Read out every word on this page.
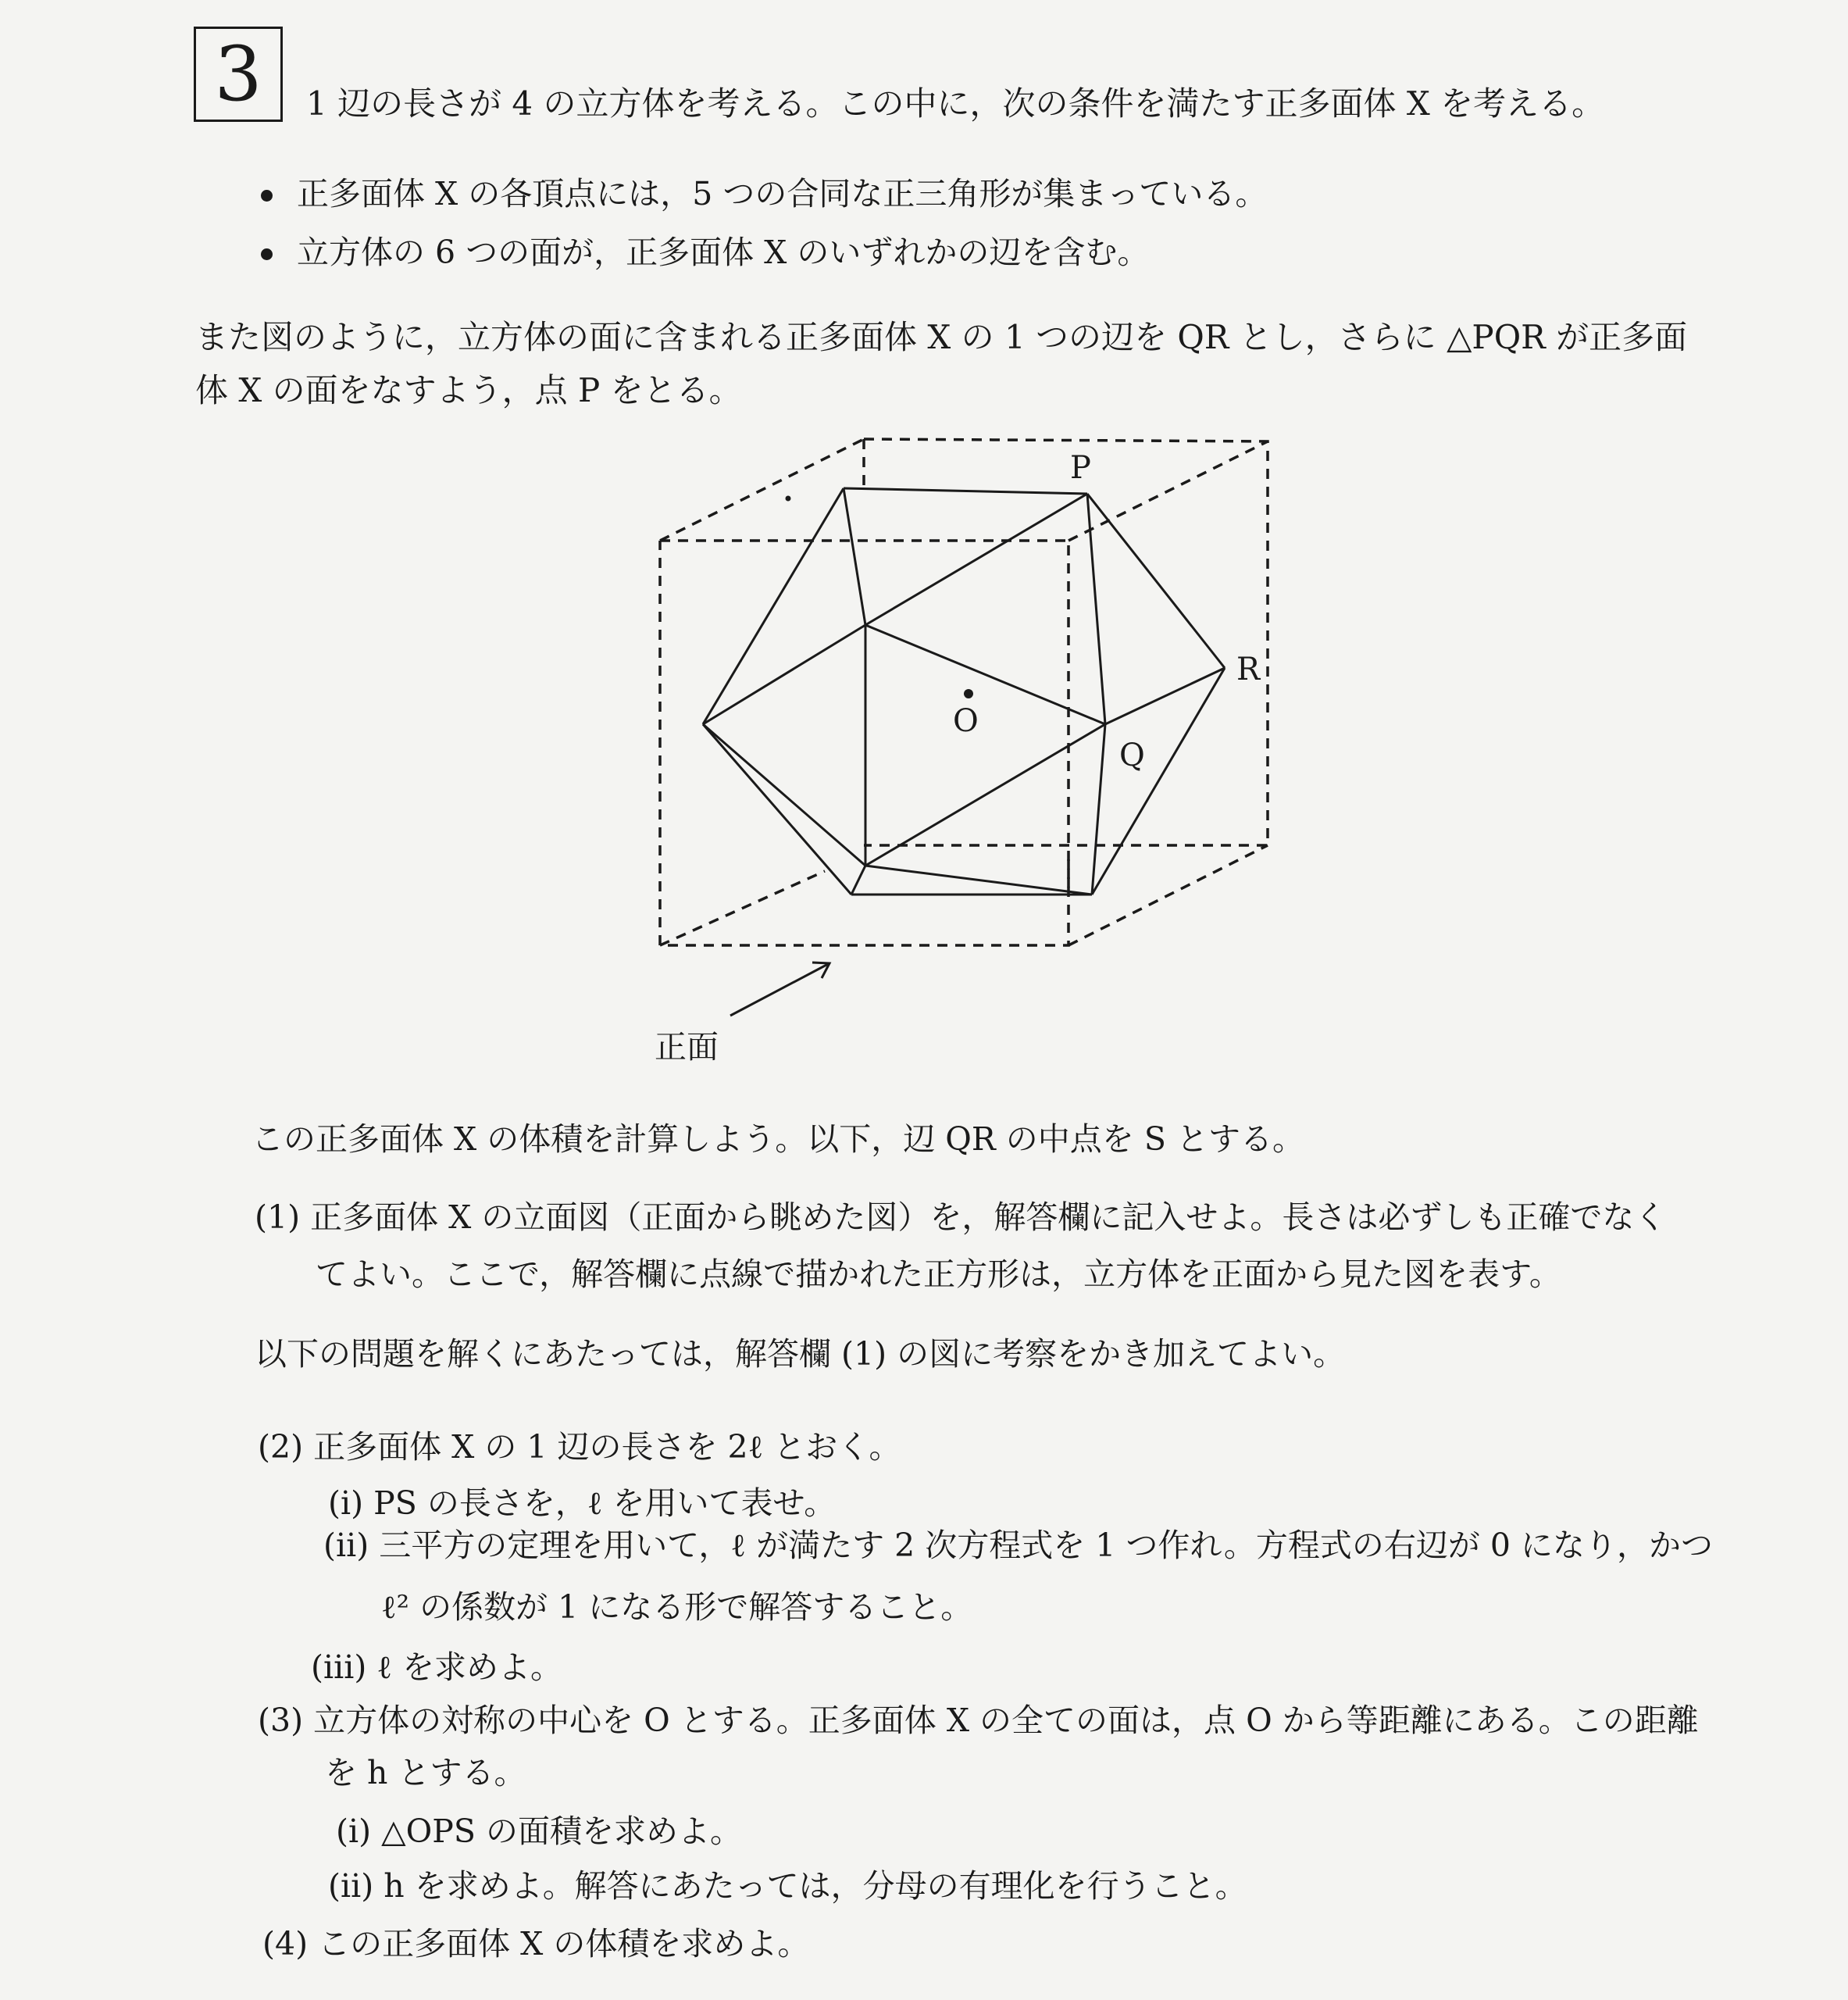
3 1 辺の長さが 4 の立方体を考える。この中に，次の条件を満たす正多面体 X を考える。
正多面体 X の各頂点には，5 つの合同な正三角形が集まっている。
立方体の 6 つの面が，正多面体 X のいずれかの辺を含む。
また図のように，立方体の面に含まれる正多面体 X の 1 つの辺を QR とし，さらに △PQR が正多面
体 X の面をなすよう，点 P をとる。
P
R
Q
O
正面
この正多面体 X の体積を計算しよう。以下，辺 QR の中点を S とする。
(1) 正多面体 X の立面図（正面から眺めた図）を，解答欄に記入せよ。長さは必ずしも正確でなく
てよい。ここで，解答欄に点線で描かれた正方形は，立方体を正面から見た図を表す。
以下の問題を解くにあたっては，解答欄 (1) の図に考察をかき加えてよい。
(2) 正多面体 X の 1 辺の長さを 2ℓ とおく。
(i) PS の長さを，ℓ を用いて表せ。
(ii) 三平方の定理を用いて，ℓ が満たす 2 次方程式を 1 つ作れ。方程式の右辺が 0 になり，かつ
ℓ² の係数が 1 になる形で解答すること。
(iii) ℓ を求めよ。
(3) 立方体の対称の中心を O とする。正多面体 X の全ての面は，点 O から等距離にある。この距離
を h とする。
(i) △OPS の面積を求めよ。
(ii) h を求めよ。解答にあたっては，分母の有理化を行うこと。
(4) この正多面体 X の体積を求めよ。
